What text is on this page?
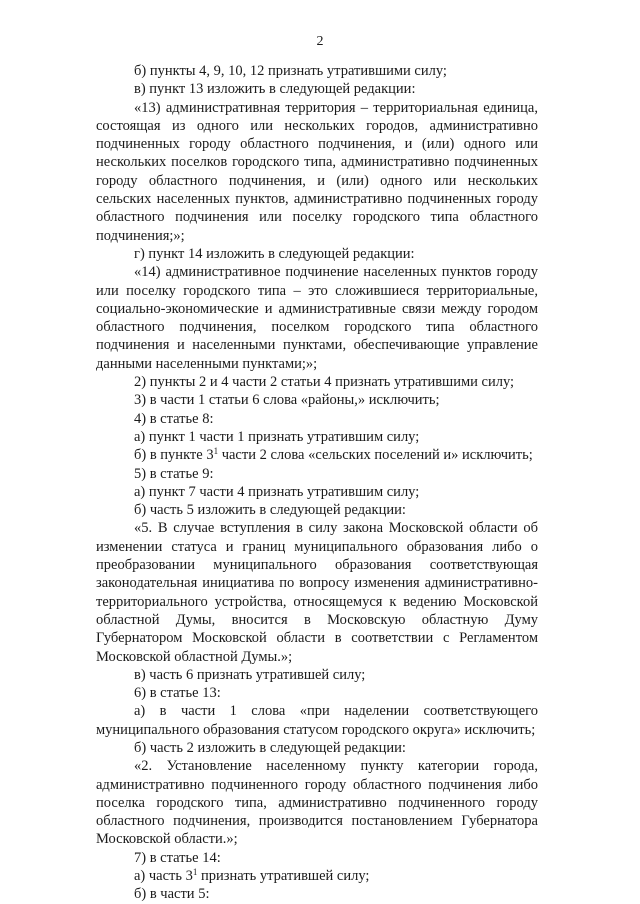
2

б) пункты 4, 9, 10, 12 признать утратившими силу;

в) пункт 13 изложить в следующей редакции:

«13) административная территория – территориальная единица, состоящая из одного или нескольких городов, административно подчиненных городу областного подчинения, и (или) одного или нескольких поселков городского типа, административно подчиненных городу областного подчинения, и (или) одного или нескольких сельских населенных пунктов, административно подчиненных городу областного подчинения или поселку городского типа областного подчинения;»;

г) пункт 14 изложить в следующей редакции:

«14) административное подчинение населенных пунктов городу или поселку городского типа – это сложившиеся территориальные, социально-экономические и административные связи между городом областного подчинения, поселком городского типа областного подчинения и населенными пунктами, обеспечивающие управление данными населенными пунктами;»;

2) пункты 2 и 4 части 2 статьи 4 признать утратившими силу;

3) в части 1 статьи 6 слова «районы,» исключить;

4) в статье 8:

а) пункт 1 части 1 признать утратившим силу;

б) в пункте $3^1$ части 2 слова «сельских поселений и» исключить;

5) в статье 9:

а) пункт 7 части 4 признать утратившим силу;

б) часть 5 изложить в следующей редакции:

«5. В случае вступления в силу закона Московской области об изменении статуса и границ муниципального образования либо о преобразовании муниципального образования соответствующая законодательная инициатива по вопросу изменения административно-территориального устройства, относящемуся к ведению Московской областной Думы, вносится в Московскую областную Думу Губернатором Московской области в соответствии с Регламентом Московской областной Думы.»;

в) часть 6 признать утратившей силу;

6) в статье 13:

а) в части 1 слова «при наделении соответствующего муниципального образования статусом городского округа» исключить;

б) часть 2 изложить в следующей редакции:

«2. Установление населенному пункту категории города, административно подчиненного городу областного подчинения либо поселка городского типа, административно подчиненного городу областного подчинения, производится постановлением Губернатора Московской области.»;

7) в статье 14:

а) часть $3^1$ признать утратившей силу;

б) в части 5:
